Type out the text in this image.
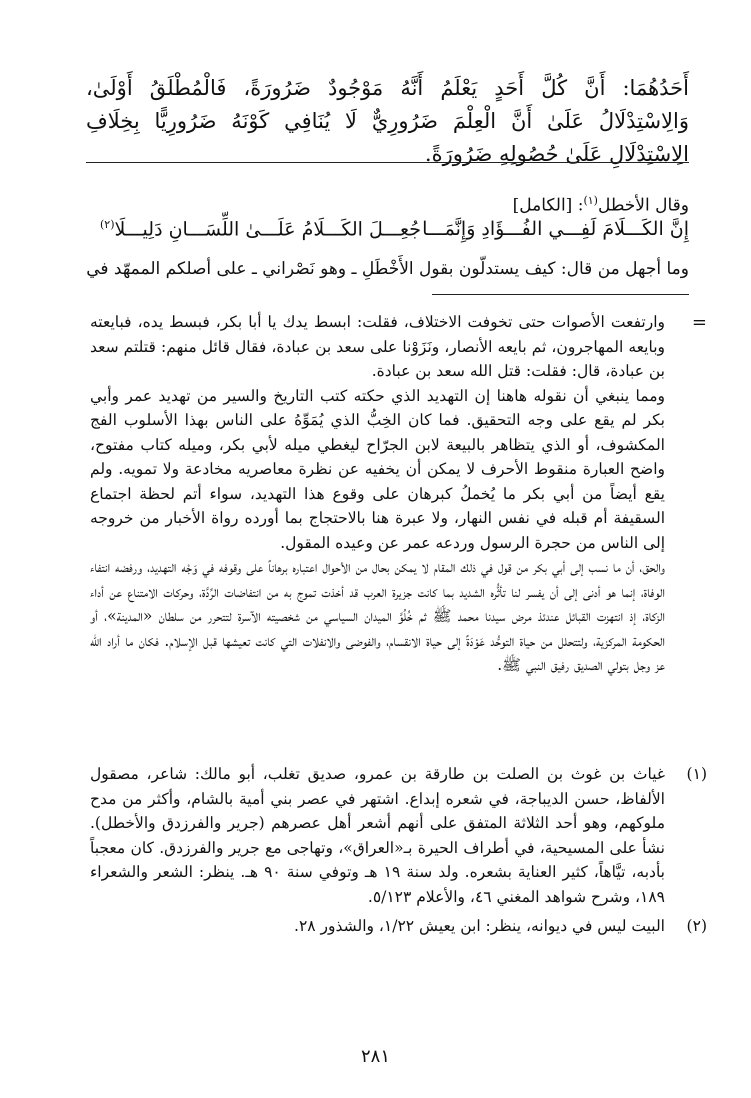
أَحَدُهُمَا: أَنَّ كُلَّ أَحَدٍ يَعْلَمُ أَنَّهُ مَوْجُودٌ ضَرُورَةً، فَالْمُطْلَقُ أَوْلَىٰ، وَالِاسْتِدْلَالُ عَلَىٰ أَنَّ الْعِلْمَ ضَرُورِيٌّ لَا يُنَافِي كَوْنَهُ ضَرُورِيًّا بِخِلَافِ الِاسْتِدْلَالِ عَلَىٰ حُصُولِهِ ضَرُورَةً.
وقال الأخطل$^{(١)}$: [الكامل]
إِنَّ الكَـــلَامَ لَفِـــي الفُـــؤَادِ وَإِنَّمَـــا
جُعِـــلَ الكَـــلَامُ عَلَـــىٰ اللِّسَـــانِ دَلِيـــلَا$^{(٢)}$
وما أجهل من قال: كيف يستدلّون بقول الأَخْطَلِ ـ وهو نَصْراني ـ على أصلكم الممهّد في
=

وارتفعت الأصوات حتى تخوفت الاختلاف، فقلت: ابسط يدك يا أبا بكر، فبسط يده، فبايعته وبايعه المهاجرون، ثم بايعه الأنصار، ونَزَوْنا على سعد بن عبادة، فقال قائل منهم: قتلتم سعد بن عبادة، قال: فقلت: قتل الله سعد بن عبادة.

ومما ينبغي أن نقوله هاهنا إن التهديد الذي حكته كتب التاريخ والسير من تهديد عمر وأبي بكر لم يقع على وجه التحقيق. فما كان الخِبُّ الذي يُمَوِّهُ على الناس بهذا الأسلوب الفج المكشوف، أو الذي يتظاهر بالبيعة لابن الجرّاح ليغطي ميله لأبي بكر، وميله كتاب مفتوح، واضح العبارة منقوط الأحرف لا يمكن أن يخفيه عن نظرة معاصريه مخادعة ولا تمويه. ولم يقع أيضاً من أبي بكر ما يُخملُ كبرهان على وقوع هذا التهديد، سواء أتم لحظة اجتماع السقيفة أم قبله في نفس النهار، ولا عبرة هنا بالاحتجاج بما أورده رواة الأخبار من خروجه إلى الناس من حجرة الرسول وردعه عمر عن وعيده المقول.

والحق، أن ما نسب إلى أبي بكر من قول في ذلك المقام لا يمكن بحال من الأحوال اعتباره برهاناً على وقوفه في وَجْه التهديد، ورفضه انتفاء الوفاة، إنما هو أدنى إلى أن يفسر لنا تأثُّره الشديد بما كانت جزيرة العرب قد أخذت تموج به من انتفاضات الرِّدَّة، وحركات الامتناع عن أداء الزكاة، إذ انتهزت القبائل عندئذ مرض سيدنا محمد ﷺ ثم خُلُوَّ الميدان السياسي من شخصيته الآسرة لتتحرر من سلطان «المدينة»، أو الحكومة المركزية، ولتتحلل من حياة التوحُّد عَوْدَةً إلى حياة الانقسام، والفوضى والانفلات التي كانت تعيشها قبل الإسلام. فكان ما أراد الله عز وجل بتولي الصديق رفيق النبي ﷺ.

(١)
غياث بن غوث بن الصلت بن طارقة بن عمرو، صديق تغلب، أبو مالك: شاعر، مصقول الألفاظ، حسن الديباجة، في شعره إبداع. اشتهر في عصر بني أمية بالشام، وأكثر من مدح ملوكهم، وهو أحد الثلاثة المتفق على أنهم أشعر أهل عصرهم (جرير والفرزدق والأخطل). نشأ على المسيحية، في أطراف الحيرة بـ«العراق»، وتهاجى مع جرير والفرزدق. كان معجباً بأدبه، تيَّاهاً، كثير العناية بشعره. ولد سنة ١٩ هـ وتوفي سنة ٩٠ هـ. ينظر: الشعر والشعراء ١٨٩، وشرح شواهد المغني ٤٦، والأعلام ٥/١٢٣.
(٢)
البيت ليس في ديوانه، ينظر: ابن يعيش ١/٢٢، والشذور ٢٨.
٢٨١
